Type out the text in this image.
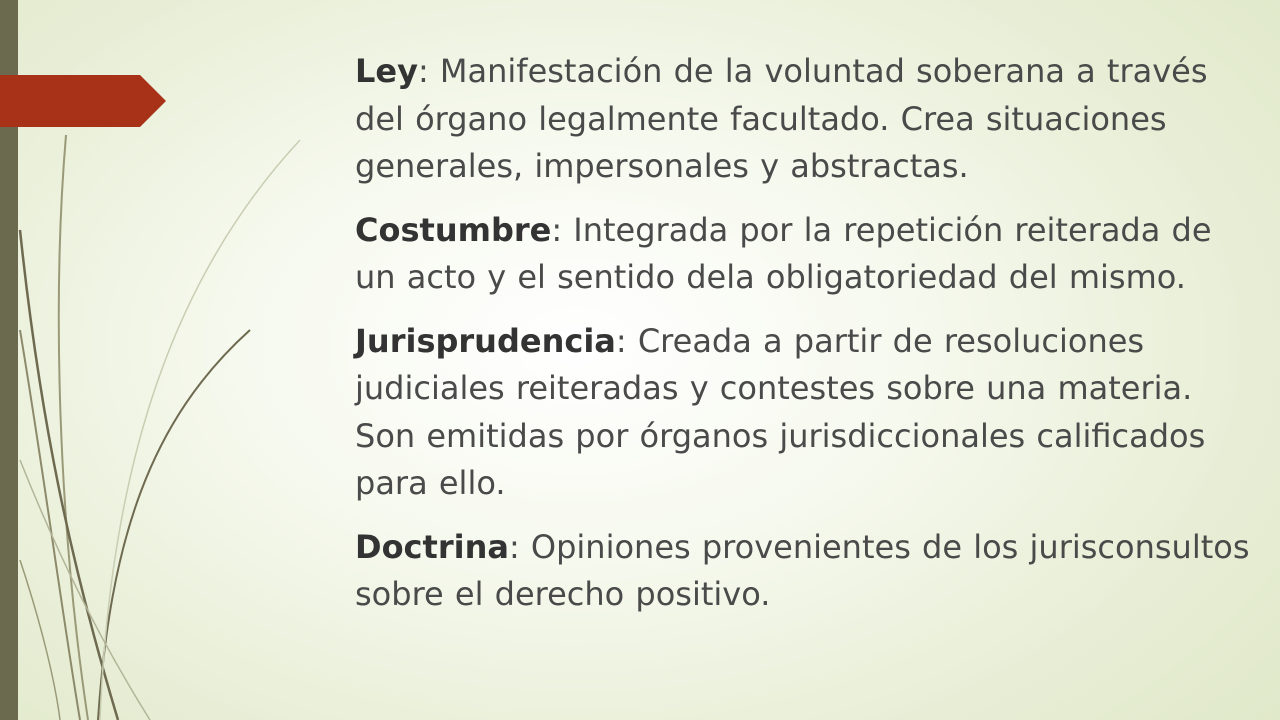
Ley: Manifestación de la voluntad soberana a través del órgano legalmente facultado. Crea situaciones generales, impersonales y abstractas.

Costumbre: Integrada por la repetición reiterada de un acto y el sentido dela obligatoriedad del mismo.

Jurisprudencia: Creada a partir de resoluciones judiciales reiteradas y contestes sobre una materia. Son emitidas por órganos jurisdiccionales calificados para ello.

Doctrina: Opiniones provenientes de los jurisconsultos sobre el derecho positivo.
